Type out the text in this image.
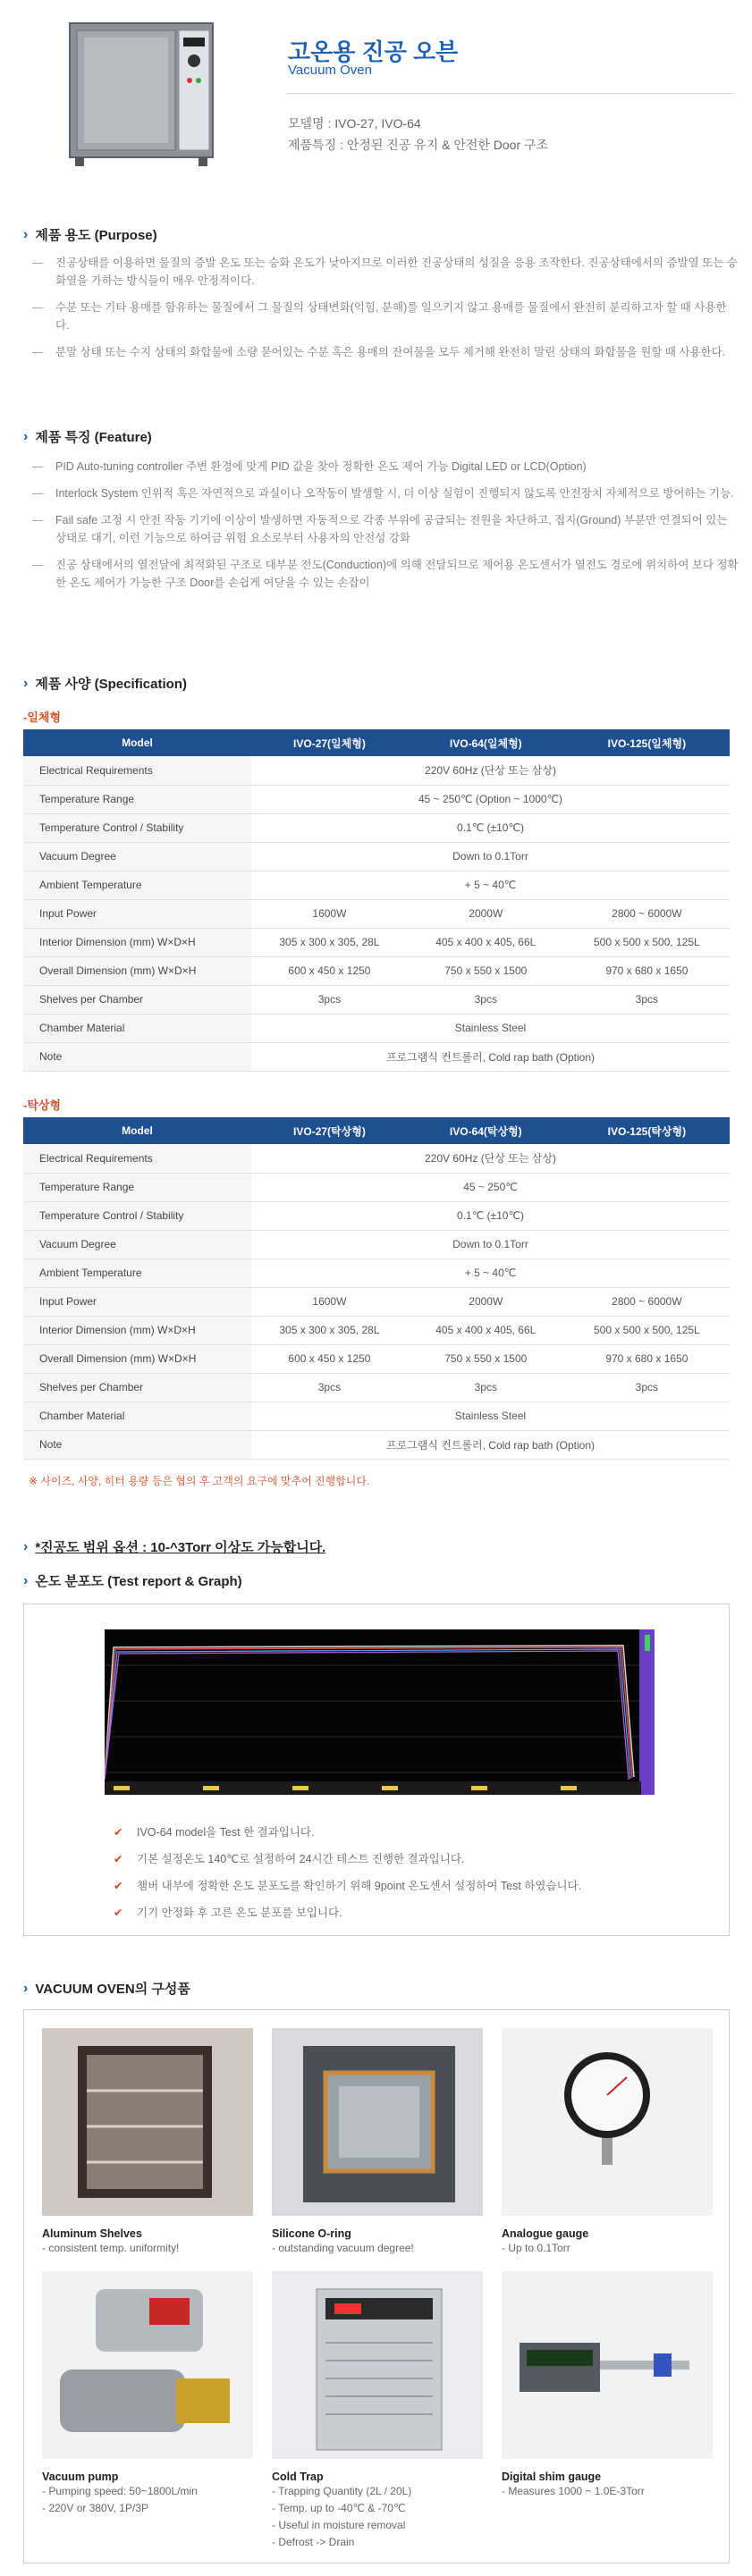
고온용 진공 오븐
Vacuum Oven
모델명 : IVO-27, IVO-64
제품특징 : 안정된 진공 유지 & 안전한 Door 구조
› 제품 용도 (Purpose)
— 진공상태를 이용하면 물질의 증발 온도 또는 승화 온도가 낮아지므로 이러한 진공상태의 성질을 응용 조작한다. 진공상태에서의 증발열 또는 승화열을 가하는 방식들이 매우 안정적이다.
— 수분 또는 기타 용매를 함유하는 물질에서 그 물질의 상태변화(익힘, 분해)를 일으키지 않고 용매를 물질에서 완전히 분리하고자 할 때 사용한다.
— 분말 상태 또는 수지 상태의 화합물에 소량 묻어있는 수분 혹은 용매의 잔여물을 모두 제거해 완전히 말린 상태의 화합물을 원할 때 사용한다.
› 제품 특징 (Feature)
— PID Auto-tuning controller 주변 환경에 맞게 PID 값을 찾아 정확한 온도 제어 가능 Digital LED or LCD(Option)
— Interlock System 인위적 혹은 자연적으로 과실이나 오작동이 발생할 시, 더 이상 실험이 진행되지 않도록 안전장치 자체적으로 방어하는 기능.
— Fail safe 고정 시 안전 작동 기기에 이상이 발생하면 자동적으로 각종 부위에 공급되는 전원을 차단하고, 접지(Ground) 부분만 연결되어 있는 상태로 대기, 이런 기능으로 하여금 위험 요소로부터 사용자의 안전성 강화
— 진공 상태에서의 열전달에 최적화된 구조로 대부분 전도(Conduction)에 의해 전달되므로 제어용 온도센서가 열전도 경로에 위치하여 보다 정확한 온도 제어가 가능한 구조 Door를 손쉽게 여닫을 수 있는 손잡이
› 제품 사양 (Specification)
-일체형
Model	IVO-27(일체형)	IVO-64(일체형)	IVO-125(일체형)
Electrical Requirements	220V 60Hz (단상 또는 삼상)		
Temperature Range	45 ~ 250℃ (Option ~ 1000℃)		
Temperature Control / Stability	0.1℃ (±10℃)		
Vacuum Degree	Down to 0.1Torr		
Ambient Temperature	+ 5 ~ 40℃		
Input Power	1600W	2000W	2800 ~ 6000W
Interior Dimension (mm) W×D×H	305 x 300 x 305, 28L	405 x 400 x 405, 66L	500 x 500 x 500, 125L
Overall Dimension (mm) W×D×H	600 x 450 x 1250	750 x 550 x 1500	970 x 680 x 1650
Shelves per Chamber	3pcs	3pcs	3pcs
Chamber Material	Stainless Steel		
Note	프로그램식 컨트롤러, Cold rap bath (Option)		
-탁상형
Model	IVO-27(탁상형)	IVO-64(탁상형)	IVO-125(탁상형)
Electrical Requirements	220V 60Hz (단상 또는 삼상)		
Temperature Range	45 ~ 250℃		
Temperature Control / Stability	0.1℃ (±10℃)		
Vacuum Degree	Down to 0.1Torr		
Ambient Temperature	+ 5 ~ 40℃		
Input Power	1600W	2000W	2800 ~ 6000W
Interior Dimension (mm) W×D×H	305 x 300 x 305, 28L	405 x 400 x 405, 66L	500 x 500 x 500, 125L
Overall Dimension (mm) W×D×H	600 x 450 x 1250	750 x 550 x 1500	970 x 680 x 1650
Shelves per Chamber	3pcs	3pcs	3pcs
Chamber Material	Stainless Steel		
Note	프로그램식 컨트롤러, Cold rap bath (Option)		
※ 사이즈, 사양, 히터 용량 등은 협의 후 고객의 요구에 맞추어 진행합니다.
› *진공도 범위 옵션 : 10-^3Torr 이상도 가능합니다.
› 온도 분포도 (Test report & Graph)
✔ IVO-64 model을 Test 한 결과입니다.
✔ 기본 설정온도 140℃로 설정하여 24시간 테스트 진행한 결과입니다.
✔ 챔버 내부에 정확한 온도 분포도를 확인하기 위해 9point 온도센서 설정하여 Test 하였습니다.
✔ 기기 안정화 후 고른 온도 분포를 보입니다.
› VACUUM OVEN의 구성품
Aluminum Shelves
- consistent temp. uniformity!
Silicone O-ring
- outstanding vacuum degree!
Analogue gauge
- Up to 0.1Torr
Vacuum pump
- Pumping speed: 50~1800L/min
- 220V or 380V, 1P/3P
Cold Trap
- Trapping Quantity (2L / 20L)
- Temp. up to -40℃ & -70℃
- Useful in moisture removal
- Defrost -> Drain
Digital shim gauge
- Measures 1000 ~ 1.0E-3Torr
